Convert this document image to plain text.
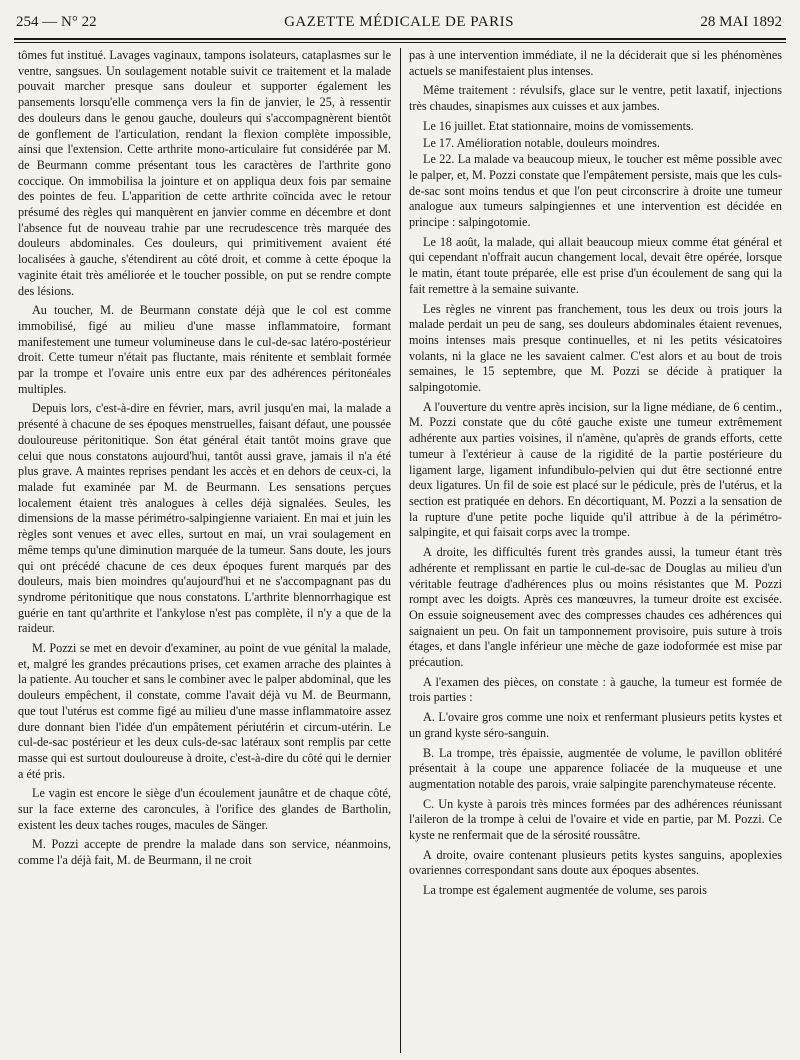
254 — N° 22	GAZETTE MÉDICALE DE PARIS	28 MAI 1892

tômes fut institué. Lavages vaginaux, tampons isolateurs, cataplasmes sur le ventre, sangsues. Un soulagement notable suivit ce traitement et la malade pouvait marcher presque sans douleur et supporter également les pansements lorsqu'elle commença vers la fin de janvier, le 25, à ressentir des douleurs dans le genou gauche, douleurs qui s'accompagnèrent bientôt de gonflement de l'articulation, rendant la flexion complète impossible, ainsi que l'extension. Cette arthrite mono-articulaire fut considérée par M. de Beurmann comme présentant tous les caractères de l'arthrite gono coccique. On immobilisa la jointure et on appliqua deux fois par semaine des pointes de feu. L'apparition de cette arthrite coïncida avec le retour présumé des règles qui manquèrent en janvier comme en décembre et dont l'absence fut de nouveau trahie par une recrudescence très marquée des douleurs abdominales. Ces douleurs, qui primitivement avaient été localisées à gauche, s'étendirent au côté droit, et comme à cette époque la vaginite était très améliorée et le toucher possible, on put se rendre compte des lésions.

Au toucher, M. de Beurmann constate déjà que le col est comme immobilisé, figé au milieu d'une masse inflammatoire, formant manifestement une tumeur volumineuse dans le cul-de-sac latéro-postérieur droit. Cette tumeur n'était pas fluctante, mais rénitente et semblait formée par la trompe et l'ovaire unis entre eux par des adhérences péritonéales multiples.

Depuis lors, c'est-à-dire en février, mars, avril jusqu'en mai, la malade a présenté à chacune de ses époques menstruelles, faisant défaut, une poussée douloureuse péritonitique. Son état général était tantôt moins grave que celui que nous constatons aujourd'hui, tantôt aussi grave, jamais il n'a été plus grave. A maintes reprises pendant les accès et en dehors de ceux-ci, la malade fut examinée par M. de Beurmann. Les sensations perçues localement étaient très analogues à celles déjà signalées. Seules, les dimensions de la masse périmétro-salpingienne variaient. En mai et juin les règles sont venues et avec elles, surtout en mai, un vrai soulagement en même temps qu'une diminution marquée de la tumeur. Sans doute, les jours qui ont précédé chacune de ces deux époques furent marqués par des douleurs, mais bien moindres qu'aujourd'hui et ne s'accompagnant pas du syndrome péritonitique que nous constatons. L'arthrite blennorrhagique est guérie en tant qu'arthrite et l'ankylose n'est pas complète, il n'y a que de la raideur.

M. Pozzi se met en devoir d'examiner, au point de vue génital la malade, et, malgré les grandes précautions prises, cet examen arrache des plaintes à la patiente. Au toucher et sans le combiner avec le palper abdominal, que les douleurs empêchent, il constate, comme l'avait déjà vu M. de Beurmann, que tout l'utérus est comme figé au milieu d'une masse inflammatoire assez dure donnant bien l'idée d'un empâtement périutérin et circum-utérin. Le cul-de-sac postérieur et les deux culs-de-sac latéraux sont remplis par cette masse qui est surtout douloureuse à droite, c'est-à-dire du côté qui le dernier a été pris.

Le vagin est encore le siège d'un écoulement jaunâtre et de chaque côté, sur la face externe des caroncules, à l'orifice des glandes de Bartholin, existent les deux taches rouges, macules de Sänger.

M. Pozzi accepte de prendre la malade dans son service, néanmoins, comme l'a déjà fait, M. de Beurmann, il ne croit

pas à une intervention immédiate, il ne la déciderait que si les phénomènes actuels se manifestaient plus intenses.

Même traitement : révulsifs, glace sur le ventre, petit laxatif, injections très chaudes, sinapismes aux cuisses et aux jambes.

Le 16 juillet. Etat stationnaire, moins de vomissements.

Le 17. Amélioration notable, douleurs moindres.

Le 22. La malade va beaucoup mieux, le toucher est même possible avec le palper, et, M. Pozzi constate que l'empâtement persiste, mais que les culs-de-sac sont moins tendus et que l'on peut circonscrire à droite une tumeur analogue aux tumeurs salpingiennes et une intervention est décidée en principe : salpingotomie.

Le 18 août, la malade, qui allait beaucoup mieux comme état général et qui cependant n'offrait aucun changement local, devait être opérée, lorsque le matin, étant toute préparée, elle est prise d'un écoulement de sang qui la fait remettre à la semaine suivante.

Les règles ne vinrent pas franchement, tous les deux ou trois jours la malade perdait un peu de sang, ses douleurs abdominales étaient revenues, moins intenses mais presque continuelles, et ni les petits vésicatoires volants, ni la glace ne les savaient calmer. C'est alors et au bout de trois semaines, le 15 septembre, que M. Pozzi se décide à pratiquer la salpingotomie.

A l'ouverture du ventre après incision, sur la ligne médiane, de 6 centim., M. Pozzi constate que du côté gauche existe une tumeur extrêmement adhérente aux parties voisines, il n'amène, qu'après de grands efforts, cette tumeur à l'extérieur à cause de la rigidité de la partie postérieure du ligament large, ligament infundibulo-pelvien qui dut être sectionné entre deux ligatures. Un fil de soie est placé sur le pédicule, près de l'utérus, et la section est pratiquée en dehors. En décortiquant, M. Pozzi a la sensation de la rupture d'une petite poche liquide qu'il attribue à de la périmétro-salpingite, et qui faisait corps avec la trompe.

A droite, les difficultés furent très grandes aussi, la tumeur étant très adhérente et remplissant en partie le cul-de-sac de Douglas au milieu d'un véritable feutrage d'adhérences plus ou moins résistantes que M. Pozzi rompt avec les doigts. Après ces manœuvres, la tumeur droite est excisée. On essuie soigneusement avec des compresses chaudes ces adhérences qui saignaient un peu. On fait un tamponnement provisoire, puis suture à trois étages, et dans l'angle inférieur une mèche de gaze iodoformée est mise par précaution.

A l'examen des pièces, on constate : à gauche, la tumeur est formée de trois parties :

A. L'ovaire gros comme une noix et renfermant plusieurs petits kystes et un grand kyste séro-sanguin.

B. La trompe, très épaissie, augmentée de volume, le pavillon oblitéré présentait à la coupe une apparence foliacée de la muqueuse et une augmentation notable des parois, vraie salpingite parenchymateuse récente.

C. Un kyste à parois très minces formées par des adhérences réunissant l'aileron de la trompe à celui de l'ovaire et vide en partie, par M. Pozzi. Ce kyste ne renfermait que de la sérosité roussâtre.

A droite, ovaire contenant plusieurs petits kystes sanguins, apoplexies ovariennes correspondant sans doute aux époques absentes.

La trompe est également augmentée de volume, ses parois
